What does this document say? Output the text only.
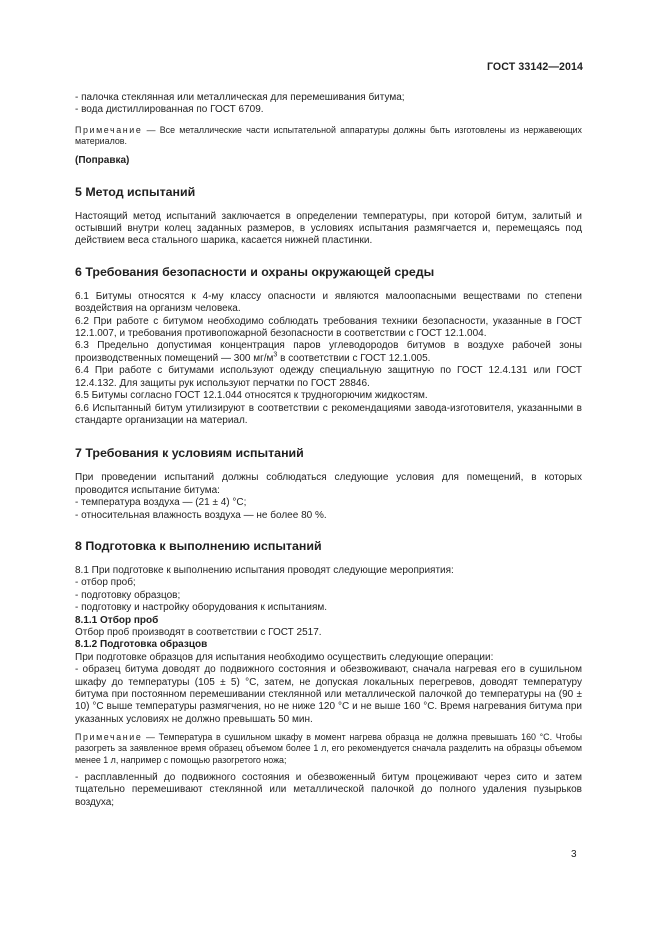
ГОСТ 33142—2014

- палочка стеклянная или металлическая для перемешивания битума;

- вода дистиллированная по ГОСТ 6709.

Примечание — Все металлические части испытательной аппаратуры должны быть изготовлены из нержавеющих материалов.

(Поправка)

5 Метод испытаний

Настоящий метод испытаний заключается в определении температуры, при которой битум, залитый и остывший внутри колец заданных размеров, в условиях испытания размягчается и, перемещаясь под действием веса стального шарика, касается нижней пластинки.

6 Требования безопасности и охраны окружающей среды

6.1 Битумы относятся к 4-му классу опасности и являются малоопасными веществами по степени воздействия на организм человека.

6.2 При работе с битумом необходимо соблюдать требования техники безопасности, указанные в ГОСТ 12.1.007, и требования противопожарной безопасности в соответствии с ГОСТ 12.1.004.

6.3 Предельно допустимая концентрация паров углеводородов битумов в воздухе рабочей зоны производственных помещений — 300 $мг/м^3$ в соответствии с ГОСТ 12.1.005.

6.4 При работе с битумами используют одежду специальную защитную по ГОСТ 12.4.131 или ГОСТ 12.4.132. Для защиты рук используют перчатки по ГОСТ 28846.

6.5 Битумы согласно ГОСТ 12.1.044 относятся к трудногорючим жидкостям.

6.6 Испытанный битум утилизируют в соответствии с рекомендациями завода-изготовителя, указанными в стандарте организации на материал.

7 Требования к условиям испытаний

При проведении испытаний должны соблюдаться следующие условия для помещений, в которых проводится испытание битума:

- температура воздуха — (21 ± 4) °С;

- относительная влажность воздуха — не более 80 %.

8 Подготовка к выполнению испытаний

8.1 При подготовке к выполнению испытания проводят следующие мероприятия:

- отбор проб;

- подготовку образцов;

- подготовку и настройку оборудования к испытаниям.

8.1.1 Отбор проб

Отбор проб производят в соответствии с ГОСТ 2517.

8.1.2 Подготовка образцов

При подготовке образцов для испытания необходимо осуществить следующие операции:

- образец битума доводят до подвижного состояния и обезвоживают, сначала нагревая его в сушильном шкафу до температуры (105 ± 5) °С, затем, не допуская локальных перегревов, доводят температуру битума при постоянном перемешивании стеклянной или металлической палочкой до температуры на (90 ± 10) °С выше температуры размягчения, но не ниже 120 °С и не выше 160 °С. Время нагревания битума при указанных условиях не должно превышать 50 мин.

Примечание — Температура в сушильном шкафу в момент нагрева образца не должна превышать 160 °С. Чтобы разогреть за заявленное время образец объемом более 1 л, его рекомендуется сначала разделить на образцы объемом менее 1 л, например с помощью разогретого ножа;

- расплавленный до подвижного состояния и обезвоженный битум процеживают через сито и затем тщательно перемешивают стеклянной или металлической палочкой до полного удаления пузырьков воздуха;

3
